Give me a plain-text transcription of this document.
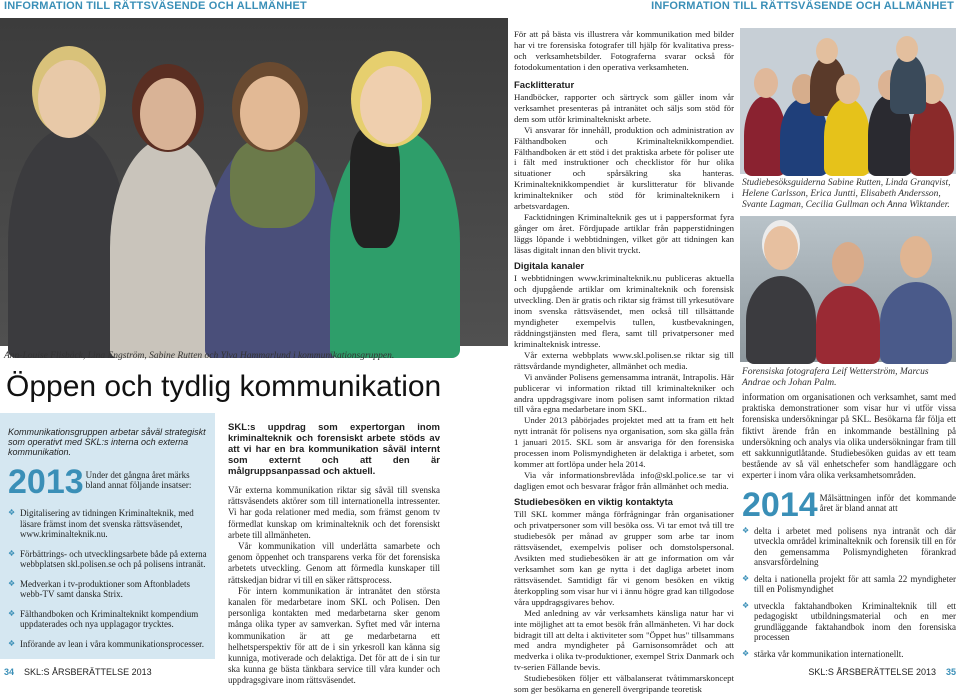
INFORMATION TILL RÄTTSVÄSENDE OCH ALLMÄNHET	INFORMATION TILL RÄTTSVÄSENDE OCH ALLMÄNHET
Ann-Louise Flisbäck, Lina Engström, Sabine Rutten och Ylva Hammarlund i kommunikationsgruppen.
Öppen och tydlig kommunikation
Kommunikationsgruppen arbetar såväl strategiskt som operativt med SKL:s interna och externa kommunikation.
2013 Under det gångna året märks bland annat följande insatser:
❖ Digitalisering av tidningen Kriminalteknik, med läsare främst inom det svenska rättsväsendet, www.kriminalteknik.nu.
❖ Förbättrings- och utvecklingsarbete både på externa webbplatsen skl.polisen.se och på polisens intranät.
❖ Medverkan i tv-produktioner som Aftonbladets webb-TV samt danska Strix.
❖ Fälthandboken och Kriminalteknikt kompendium uppdaterades och nya upplagagor trycktes.
❖ Införande av lean i våra kommunikationsprocesser.
SKL:s uppdrag som expertorgan inom kriminalteknik och forensiskt arbete stöds av att vi har en bra kommunikation såväl internt som externt och att den är målgruppsanpassad och aktuell.

Vår externa kommunikation riktar sig såväl till svenska rättsväsendets aktörer som till internationella intressenter. Vi har goda relationer med media, som främst genom tv förmedlat kunskap om kriminalteknik och det forensiskt arbete till allmänheten.

Vår kommunikation vill underlätta samarbete och genom öppenhet och transparens verka för det forensiska arbetets utveckling. Genom att förmedla kunskaper till rättskedjan bidrar vi till en säker rättsprocess.

För intern kommunikation är intranätet den största kanalen för medarbetare inom SKL och Polisen. Den personliga kontakten med medarbetarna sker genom många olika typer av samverkan. Syftet med vår interna kommunikation är att ge medarbetarna ett helhetsperspektiv för att de i sin yrkesroll kan känna sig kunniga, motiverade och delaktiga. Det för att de i sin tur ska kunna ge bästa tänkbara service till våra kunder och uppdragsgivare inom rättsväsendet.

För att på bästa vis illustrera vår kommunikation med bilder har vi tre forensiska fotografer till hjälp för kvalitativa press- och verksamhetsbilder. Fotograferna svarar också för fotodokumentation i den operativa verksamheten.

Facklitteratur

Handböcker, rapporter och särtryck som gäller inom vår verksamhet presenteras på intranätet och säljs som stöd för dem som utför kriminaltekniskt arbete.

Vi ansvarar för innehåll, produktion och administration av Fälthandboken och Kriminalteknikkompendiet. Fälthandboken är ett stöd i det praktiska arbete för poliser ute i fält med instruktioner och checklistor för hur olika situationer och spårsäkring ska hanteras. Kriminalteknikkompendiet är kurslitteratur för blivande kriminaltekniker och stöd för kriminalteknikern i arbetsvardagen.

Facktidningen Kriminalteknik ges ut i pappersformat fyra gånger om året. Fördjupade artiklar från papperstidningen läggs löpande i webbtidningen, vilket gör att tidningen kan läsas digitalt innan den blivit tryckt.

Digitala kanaler

I webbtidningen www.kriminalteknik.nu publiceras aktuella och djupgående artiklar om kriminalteknik och forensisk utveckling. Den är gratis och riktar sig främst till yrkesutövare inom svenska rättsväsendet, men också till tillsättande myndigheter exempelvis tullen, kustbevakningen, räddningstjänsten med flera, samt till privatpersoner med kriminalteknisk intresse.

Vår externa webbplats www.skl.polisen.se riktar sig till rättsvårdande myndigheter, allmänhet och media.

Vi använder Polisens gemensamma intranät, Intrapolis. Här publicerar vi information riktad till kriminaltekniker och andra uppdragsgivare inom polisen samt information riktad till våra egna medarbetare inom SKL.

Under 2013 påbörjades projektet med att ta fram ett helt nytt intranät för polisens nya organisation, som ska gälla från 1 januari 2015. SKL som är ansvariga för den forensiska processen inom Polismyndigheten är delaktiga i arbetet, som kommer att fortlöpa under hela 2014.

Via vår informationsbrevlåda info@skl.police.se tar vi dagligen emot och besvarar frågor från allmänhet och media.

Studiebesöken en viktig kontaktyta

Till SKL kommer många förfrågningar från organisationer och privatpersoner som vill besöka oss. Vi tar emot två till tre studiebesök per månad av grupper som arbe tar inom rättsväsendet, exempelvis poliser och domstolspersonal. Avsikten med studiebesöken är att ge information om vår verksamhet som kan ge nytta i det dagliga arbetet inom rättsväsendet. Samtidigt får vi genom besöken en viktig återkoppling som visar hur vi i ännu högre grad kan tillgodose våra uppdragsgivares behov.

Med anledning av vår verksamhets känsliga natur har vi inte möjlighet att ta emot besök från allmänheten. Vi har dock bidragit till att delta i aktiviteter som "Öppet hus" tillsammans med andra myndigheter på Garnisonsområdet och att medverka i olika tv-produktioner, exempel Strix Danmark och tv-serien Fällande bevis.

Studiebesöken följer ett välbalanserat tvåtimmarskoncept som ger besökarna en generell övergripande teoretisk

Studiebesöksguiderna Sabine Rutten, Linda Granqvist, Helene Carlsson, Erica Juntti, Elisabeth Andersson, Svante Lagman, Cecilia Gullman och Anna Wiktander.
Forensiska fotografera Leif Wetterström, Marcus Andrae och Johan Palm.

information om organisationen och verksamhet, samt med praktiska demonstrationer som visar hur vi utför vissa forensiska undersökningar på SKL. Besökarna får följa ett fiktivt ärende från en inkommande beställning på undersökning och analys via olika undersökningar fram till ett sakkunnigutlåtande. Studiebesöken guidas av ett team bestående av så väl enhetschefer som handläggare och experter i inom våra olika verksamhetsområden.

2014 Målsättningen inför det kommande året är bland annat att
❖ delta i arbetet med polisens nya intranät och där utveckla områdel kriminalteknik och forensik till en för den gemensamma Polismyndigheten förankrad ansvarsfördelning
❖ delta i nationella projekt för att samla 22 myndigheter till en Polismyndighet
❖ utveckla faktahandboken Kriminalteknik till ett pedagogiskt utbildningsmaterial och en mer grundläggande faktahandbok inom den forensiska processen
❖ stärka vår kommunikation internationellt.
34 SKL:S ÅRSBERÄTTELSE 2013	SKL:S ÅRSBERÄTTELSE 2013 35
